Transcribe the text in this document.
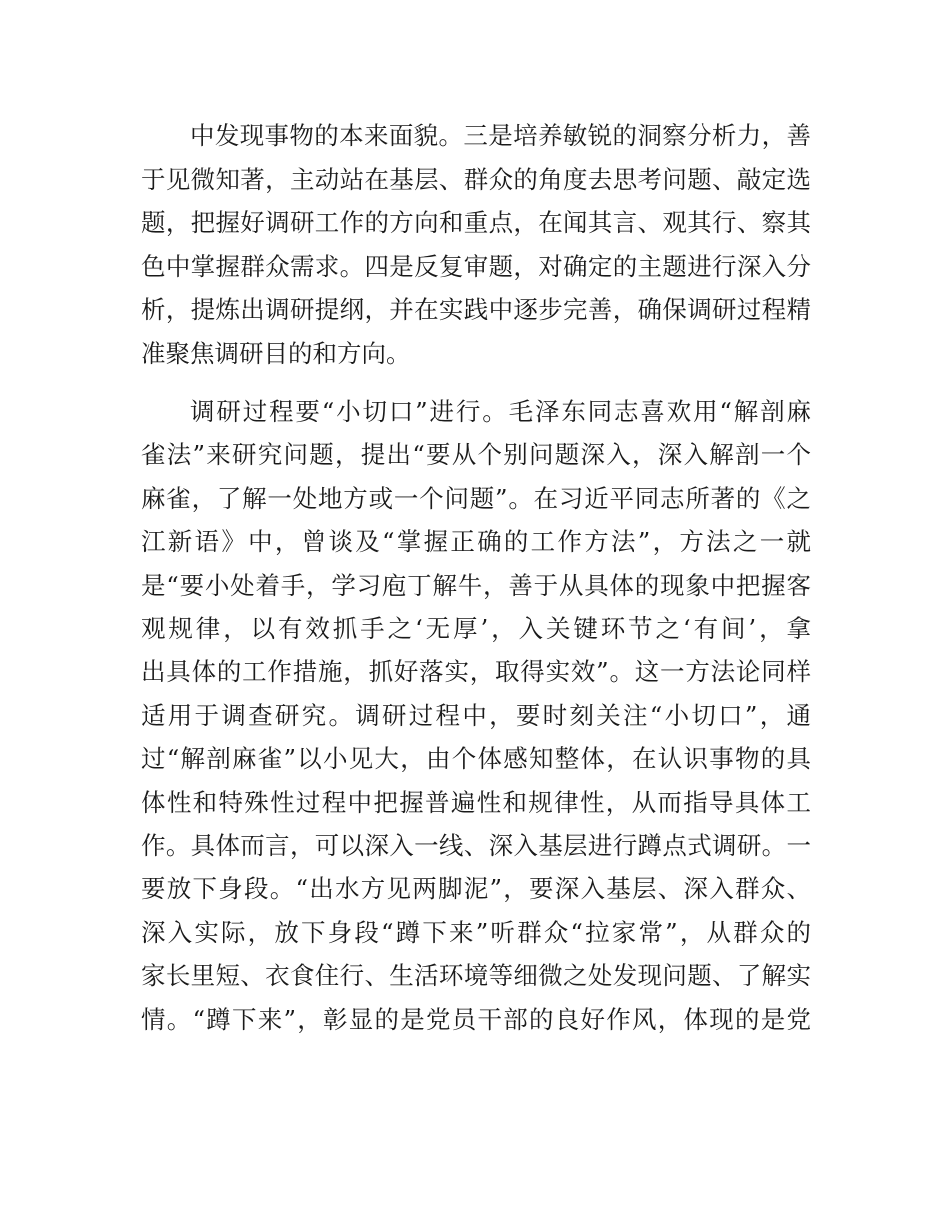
中发现事物的本来面貌。三是培养敏锐的洞察分析力，善
于见微知著，主动站在基层、群众的角度去思考问题、敲定选
题，把握好调研工作的方向和重点，在闻其言、观其行、察其
色中掌握群众需求。四是反复审题，对确定的主题进行深入分
析，提炼出调研提纲，并在实践中逐步完善，确保调研过程精
准聚焦调研目的和方向。

调研过程要“小切口”进行。毛泽东同志喜欢用“解剖麻
雀法”来研究问题，提出“要从个别问题深入，深入解剖一个
麻雀，了解一处地方或一个问题”。在习近平同志所著的《之
江新语》中，曾谈及“掌握正确的工作方法”，方法之一就
是“要小处着手，学习庖丁解牛，善于从具体的现象中把握客
观规律，以有效抓手之‘无厚’，入关键环节之‘有间’，拿
出具体的工作措施，抓好落实，取得实效”。这一方法论同样
适用于调查研究。调研过程中，要时刻关注“小切口”，通
过“解剖麻雀”以小见大，由个体感知整体，在认识事物的具
体性和特殊性过程中把握普遍性和规律性，从而指导具体工
作。具体而言，可以深入一线、深入基层进行蹲点式调研。一
要放下身段。“出水方见两脚泥”，要深入基层、深入群众、
深入实际，放下身段“蹲下来”听群众“拉家常”，从群众的
家长里短、衣食住行、生活环境等细微之处发现问题、了解实
情。“蹲下来”，彰显的是党员干部的良好作风，体现的是党
